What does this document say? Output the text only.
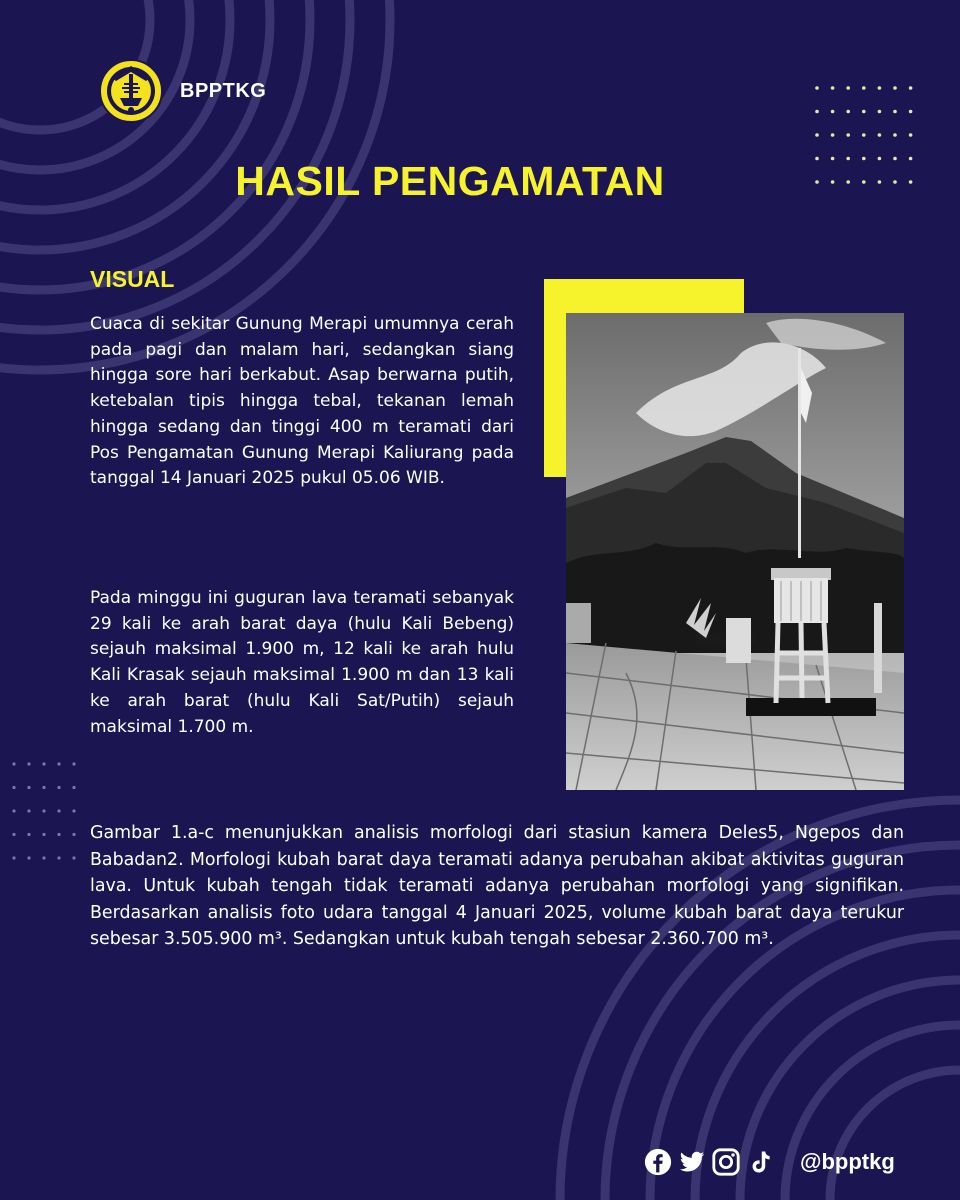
BPPTKG
HASIL PENGAMATAN
VISUAL

Cuaca di sekitar Gunung Merapi umumnya cerah pada pagi dan malam hari, sedangkan siang hingga sore hari berkabut. Asap berwarna putih, ketebalan tipis hingga tebal, tekanan lemah hingga sedang dan tinggi 400 m teramati dari Pos Pengamatan Gunung Merapi Kaliurang pada tanggal 14 Januari 2025 pukul 05.06 WIB.

Pada minggu ini guguran lava teramati sebanyak 29 kali ke arah barat daya (hulu Kali Bebeng) sejauh maksimal 1.900 m, 12 kali ke arah hulu Kali Krasak sejauh maksimal 1.900 m dan 13 kali ke arah barat (hulu Kali Sat/Putih) sejauh maksimal 1.700 m.

Gambar 1.a-c menunjukkan analisis morfologi dari stasiun kamera Deles5, Ngepos dan Babadan2. Morfologi kubah barat daya teramati adanya perubahan akibat aktivitas guguran lava. Untuk kubah tengah tidak teramati adanya perubahan morfologi yang signifikan. Berdasarkan analisis foto udara tanggal 4 Januari 2025, volume kubah barat daya terukur sebesar 3.505.900 m³. Sedangkan untuk kubah tengah sebesar 2.360.700 m³.

@bpptkg
